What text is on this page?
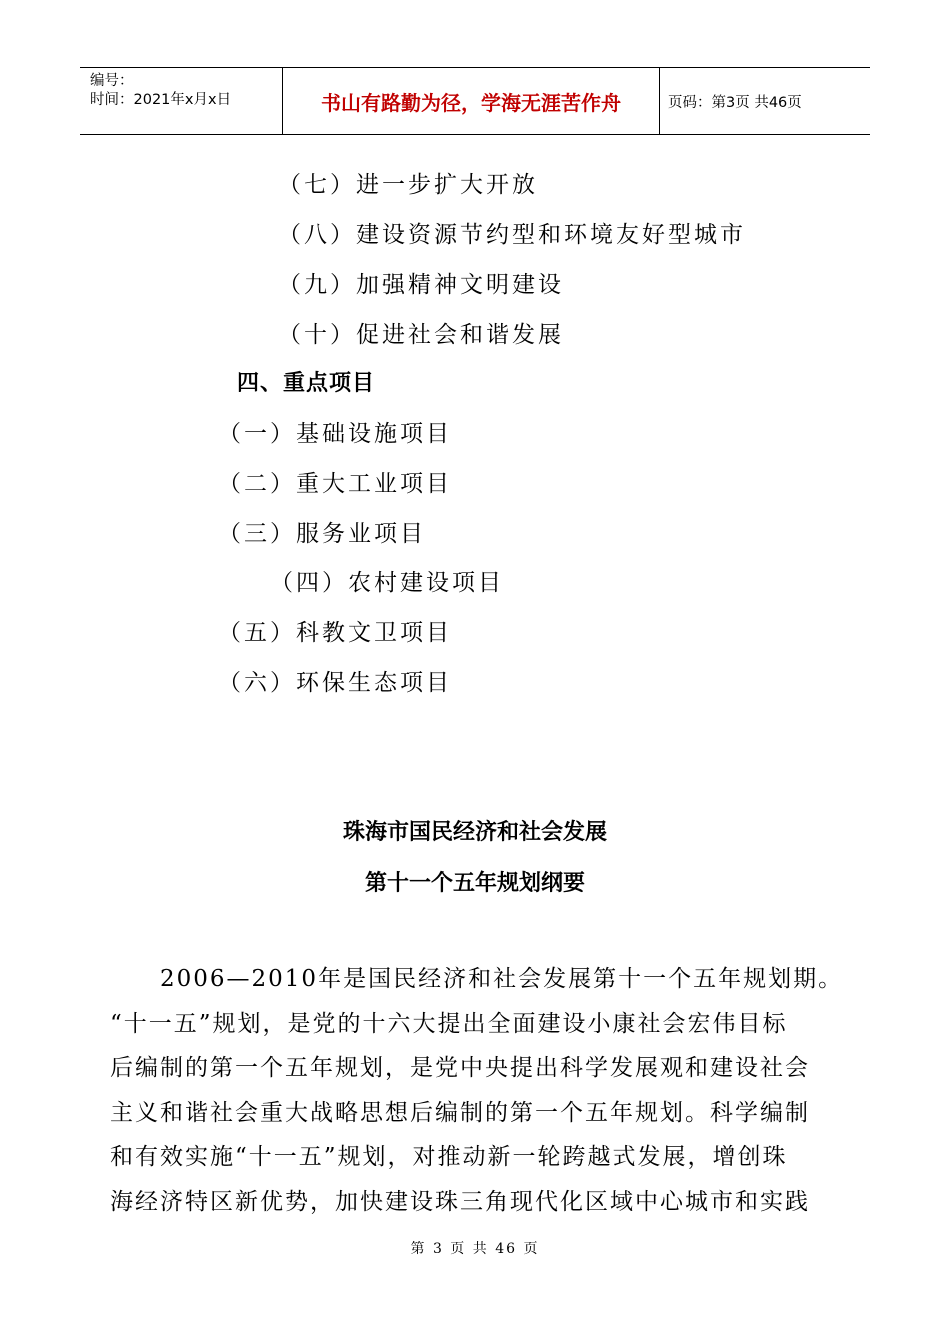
编号：
时间：2021年x月x日	书山有路勤为径，学海无涯苦作舟	页码：第3页 共46页
（七）进一步扩大开放
（八）建设资源节约型和环境友好型城市
（九）加强精神文明建设
（十）促进社会和谐发展
四、重点项目
（一）基础设施项目
（二）重大工业项目
（三）服务业项目
（四）农村建设项目
（五）科教文卫项目
（六）环保生态项目
珠海市国民经济和社会发展
第十一个五年规划纲要

　　2006—2010年是国民经济和社会发展第十一个五年规划期。

“十一五”规划，是党的十六大提出全面建设小康社会宏伟目标

后编制的第一个五年规划，是党中央提出科学发展观和建设社会

主义和谐社会重大战略思想后编制的第一个五年规划。科学编制

和有效实施“十一五”规划，对推动新一轮跨越式发展，增创珠

海经济特区新优势，加快建设珠三角现代化区域中心城市和实践

第 3 页 共 46 页
